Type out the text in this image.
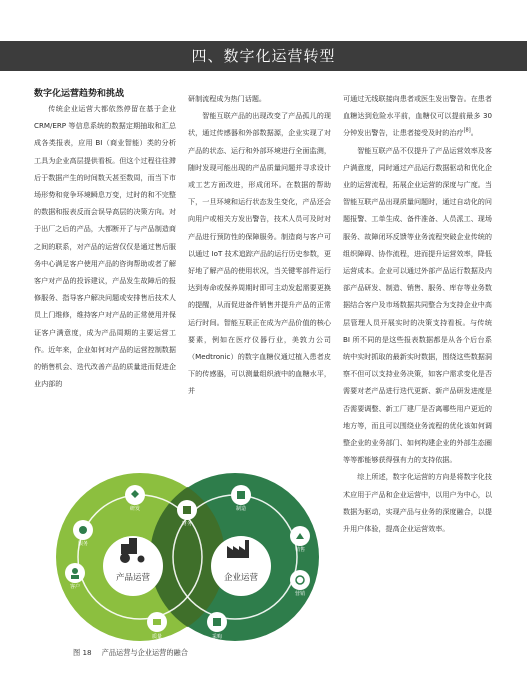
四、数字化运营转型

数字化运营趋势和挑战

传统企业运营大都依然停留在基于企业 CRM/ERP 等信息系统的数据定期抽取和汇总成各类报表，应用 BI（商业智能）类的分析工具为企业高层提供看板。但这个过程往往滞后于数据产生的时间数天甚至数周，而当下市场形势和竞争环境瞬息万变，过时的和不完整的数据和报表反而会误导高层的决策方向。对于出厂之后的产品，大都断开了与产品制造商之间的联系，对产品的运营仅仅是通过售后服务中心满足客户使用产品的咨询帮助或者了解客户对产品的投诉建议，产品发生故障后的报修服务、指导客户解决问题或安排售后技术人员上门维修，维持客户对产品的正常使用并保证客户满意度，成为产品周期的主要运营工作。近年来，企业如何对产品的运营控制数据的销售机会、迭代改善产品的质量进而促进企业内部的

研制流程成为热门话题。

智能互联产品的出现改变了产品孤儿的现状，通过传感器和外部数据源，企业实现了对产品的状态、运行和外部环境进行全面监测，随时发现可能出现的产品质量问题并寻求设计或工艺方面改进，形成闭环。在数据的帮助下，一旦环境和运行状态发生变化，产品还会向用户或相关方发出警告，技术人员可及时对产品进行预防性的保障服务。制造商与客户可以通过 IoT 技术追踪产品的运行历史参数，更好地了解产品的使用状况，当关键零部件运行达到寿命或保养周期时即可主动发起需要更换的提醒，从而促进备件销售并提升产品的正常运行时间。智能互联正在成为产品价值的核心要素，例如在医疗仪器行业，美敦力公司（Medtronic）的数字血糖仪通过植入患者皮下的传感器，可以测量组织液中的血糖水平，并

可通过无线联接向患者或医生发出警告。在患者血糖达到危险水平前，血糖仪可以提前最多 30 分钟发出警告，让患者接受及时的治疗[8]。

智能互联产品不仅提升了产品运营效率及客户满意度，同时通过产品运行数据驱动和优化企业的运营流程，拓展企业运营的深度与广度。当智能互联产品出现质量问题时，通过自动化的问题报警、工单生成、备件准备、人员派工、现场服务、故障闭环反馈等业务流程突破企业传统的组织障碍、协作流程，进而提升运营效率，降低运营成本。企业可以通过外部产品运行数据及内部产品研发、制造、销售、服务、库存等业务数据结合客户及市场数据共同整合为支持企业中高层管理人员开展实时的决策支持看板。与传统 BI 所不同的是这些报表数据都是从各个后台系统中实时抓取的最新实时数据，围绕这些数据洞察不但可以支持业务决策，如客户需求变化是否需要对老产品进行迭代更新、新产品研发进度是否需要调整、新工厂建厂是否离哪些用户更近的地方等，而且可以围绕业务流程的优化该如何调整企业的业务部门、如何构建企业的外部生态圈等等都能够获得强有力的支持依据。

综上所述，数字化运营的方向是将数字化技术应用于产品和企业运营中，以用户为中心，以数据为驱动，实现产品与业务的深度融合，以提升用户体验，提高企业运营效率。

产品运营	企业运营
研发
服务
客户
财务
制造
销售
营销
质量	采购
图 18 产品运营与企业运营的融合
